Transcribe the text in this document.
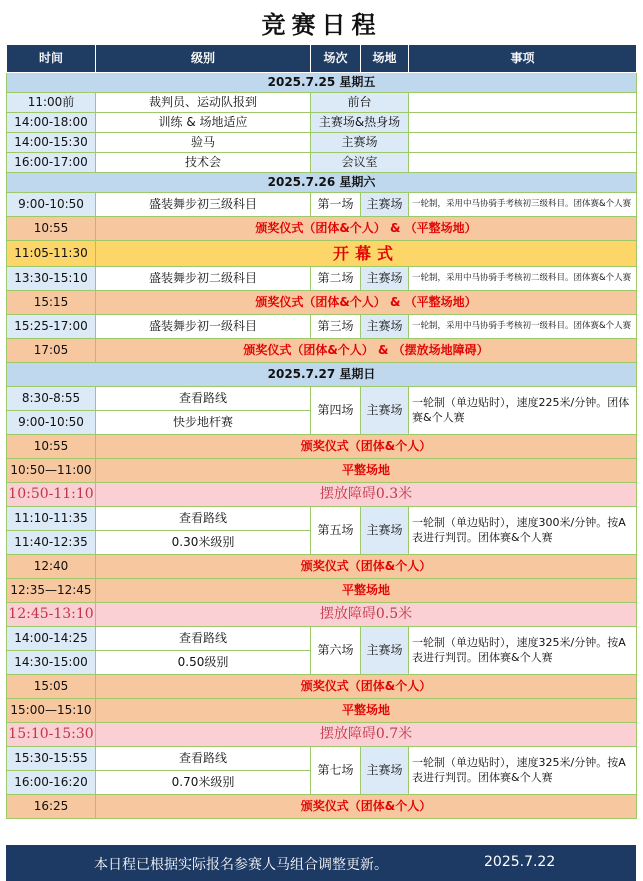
竞赛日程
时间	级别	场次	场地	事项
2025.7.25 星期五				
11:00前	裁判员、运动队报到	前台		
14:00-18:00	训练 & 场地适应	主赛场&热身场		
14:00-15:30	验马	主赛场		
16:00-17:00	技术会	会议室		
2025.7.26 星期六				
9:00-10:50	盛装舞步初三级科目	第一场	主赛场	一轮制，采用中马协骑手考核初三级科目。团体赛&个人赛
10:55	颁奖仪式（团体&个人） & （平整场地）			
11:05-11:30	开幕式			
13:30-15:10	盛装舞步初二级科目	第二场	主赛场	一轮制，采用中马协骑手考核初二级科目。团体赛&个人赛
15:15	颁奖仪式（团体&个人） & （平整场地）			
15:25-17:00	盛装舞步初一级科目	第三场	主赛场	一轮制，采用中马协骑手考核初一级科目。团体赛&个人赛
17:05	颁奖仪式（团体&个人） & （摆放场地障碍）			
2025.7.27 星期日				
8:30-8:55	查看路线	第四场	主赛场	一轮制（单边贴时），速度225米/分钟。团体赛&个人赛
9:00-10:50	快步地杆赛			
10:55	颁奖仪式（团体&个人）			
10:50—11:00	平整场地			
10:50-11:10	摆放障碍0.3米			
11:10-11:35	查看路线	第五场	主赛场	一轮制（单边贴时），速度300米/分钟。按A表进行判罚。团体赛&个人赛
11:40-12:35	0.30米级别			
12:40	颁奖仪式（团体&个人）			
12:35—12:45	平整场地			
12:45-13:10	摆放障碍0.5米			
14:00-14:25	查看路线	第六场	主赛场	一轮制（单边贴时），速度325米/分钟。按A表进行判罚。团体赛&个人赛
14:30-15:00	0.50级别			
15:05	颁奖仪式（团体&个人）			
15:00—15:10	平整场地			
15:10-15:30	摆放障碍0.7米			
15:30-15:55	查看路线	第七场	主赛场	一轮制（单边贴时），速度325米/分钟。按A表进行判罚。团体赛&个人赛
16:00-16:20	0.70米级别			
16:25	颁奖仪式（团体&个人）			
本日程已根据实际报名参赛人马组合调整更新。	2025.7.22
